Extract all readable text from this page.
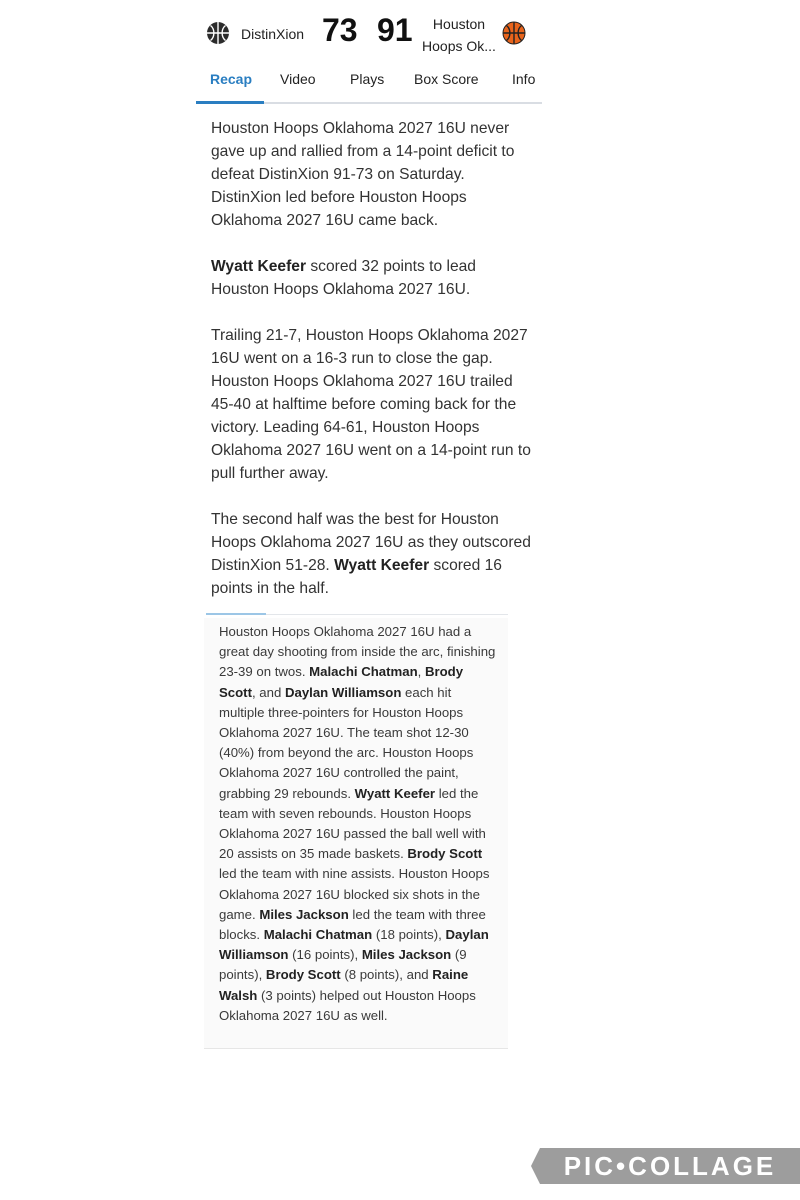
DistinXion 73 91	Houston
Hoops Ok...
Recap Video Plays Box Score Info

Houston Hoops Oklahoma 2027 16U never gave up and rallied from a 14-point deficit to defeat DistinXion 91-73 on Saturday. DistinXion led before Houston Hoops Oklahoma 2027 16U came back.

Wyatt Keefer scored 32 points to lead Houston Hoops Oklahoma 2027 16U.

Trailing 21-7, Houston Hoops Oklahoma 2027 16U went on a 16-3 run to close the gap. Houston Hoops Oklahoma 2027 16U trailed 45-40 at halftime before coming back for the victory. Leading 64-61, Houston Hoops Oklahoma 2027 16U went on a 14-point run to pull further away.

The second half was the best for Houston Hoops Oklahoma 2027 16U as they outscored DistinXion 51-28. Wyatt Keefer scored 16 points in the half.

Houston Hoops Oklahoma 2027 16U had a great day shooting from inside the arc, finishing 23-39 on twos. Malachi Chatman, Brody Scott, and Daylan Williamson each hit multiple three-pointers for Houston Hoops Oklahoma 2027 16U. The team shot 12-30 (40%) from beyond the arc. Houston Hoops Oklahoma 2027 16U controlled the paint, grabbing 29 rebounds. Wyatt Keefer led the team with seven rebounds. Houston Hoops Oklahoma 2027 16U passed the ball well with 20 assists on 35 made baskets. Brody Scott led the team with nine assists. Houston Hoops Oklahoma 2027 16U blocked six shots in the game. Miles Jackson led the team with three blocks. Malachi Chatman (18 points), Daylan Williamson (16 points), Miles Jackson (9 points), Brody Scott (8 points), and Raine Walsh (3 points) helped out Houston Hoops Oklahoma 2027 16U as well.
PIC•COLLAGE
